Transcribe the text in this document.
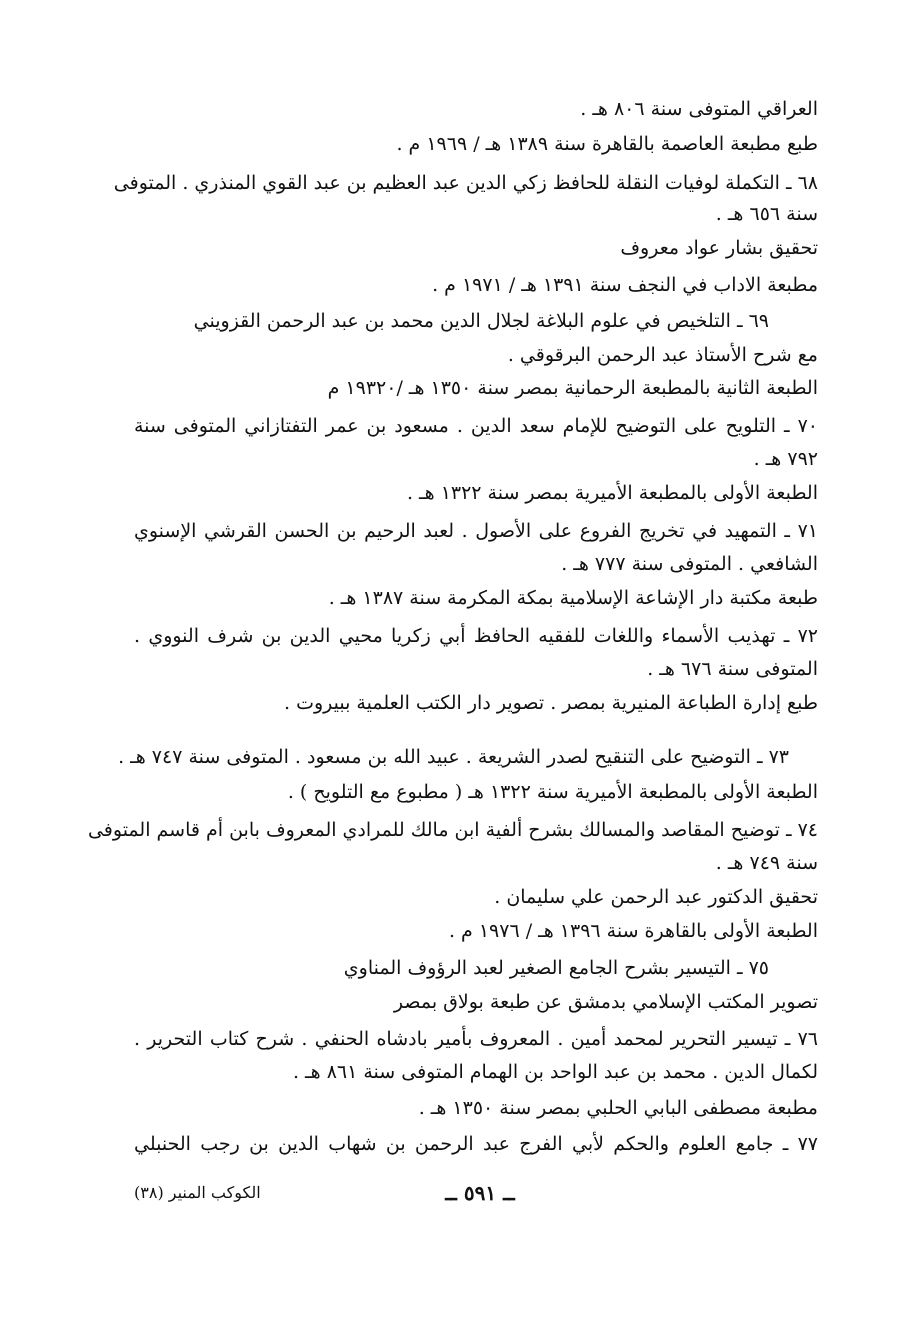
العراقي المتوفى سنة ٨٠٦ هـ .
طبع مطبعة العاصمة بالقاهرة سنة ١٣٨٩ هـ / ١٩٦٩ م .
٦٨ ـ التكملة لوفيات النقلة للحافظ زكي الدين عبد العظيم بن عبد القوي المنذري . المتوفى
سنة ٦٥٦ هـ .
تحقيق بشار عواد معروف
مطبعة الاداب في النجف سنة ١٣٩١ هـ / ١٩٧١ م .
٦٩ ـ التلخيص في علوم البلاغة لجلال الدين محمد بن عبد الرحمن القزويني
مع شرح الأستاذ عبد الرحمن البرقوقي .
الطبعة الثانية بالمطبعة الرحمانية بمصر سنة ١٣٥٠ هـ /١٩٣٢٠ م
٧٠ ـ التلويح على التوضيح للإمام سعد الدين . مسعود بن عمر التفتازاني المتوفى سنة
٧٩٢ هـ .
الطبعة الأولى بالمطبعة الأميرية بمصر سنة ١٣٢٢ هـ .
٧١ ـ التمهيد في تخريج الفروع على الأصول . لعبد الرحيم بن الحسن القرشي الإسنوي
الشافعي . المتوفى سنة ٧٧٧ هـ .
طبعة مكتبة دار الإشاعة الإسلامية بمكة المكرمة سنة ١٣٨٧ هـ .
٧٢ ـ تهذيب الأسماء واللغات للفقيه الحافظ أبي زكريا محيي الدين بن شرف النووي .
المتوفى سنة ٦٧٦ هـ .
طبع إدارة الطباعة المنيرية بمصر . تصوير دار الكتب العلمية ببيروت .
٧٣ ـ التوضيح على التنقيح لصدر الشريعة . عبيد الله بن مسعود . المتوفى سنة ٧٤٧ هـ .
الطبعة الأولى بالمطبعة الأميرية سنة ١٣٢٢ هـ ( مطبوع مع التلويح ) .
٧٤ ـ توضيح المقاصد والمسالك بشرح ألفية ابن مالك للمرادي المعروف بابن أم قاسم المتوفى
سنة ٧٤٩ هـ .
تحقيق الدكتور عبد الرحمن علي سليمان .
الطبعة الأولى بالقاهرة سنة ١٣٩٦ هـ / ١٩٧٦ م .
٧٥ ـ التيسير بشرح الجامع الصغير لعبد الرؤوف المناوي
تصوير المكتب الإسلامي بدمشق عن طبعة بولاق بمصر
٧٦ ـ تيسير التحرير لمحمد أمين . المعروف بأمير بادشاه الحنفي . شرح كتاب التحرير .
لكمال الدين . محمد بن عبد الواحد بن الهمام المتوفى سنة ٨٦١ هـ .
مطبعة مصطفى البابي الحلبي بمصر سنة ١٣٥٠ هـ .
٧٧ ـ جامع العلوم والحكم لأبي الفرج عبد الرحمن بن شهاب الدين بن رجب الحنبلي
الكوكب المنير (٣٨)	ــ ٥٩١ ــ
